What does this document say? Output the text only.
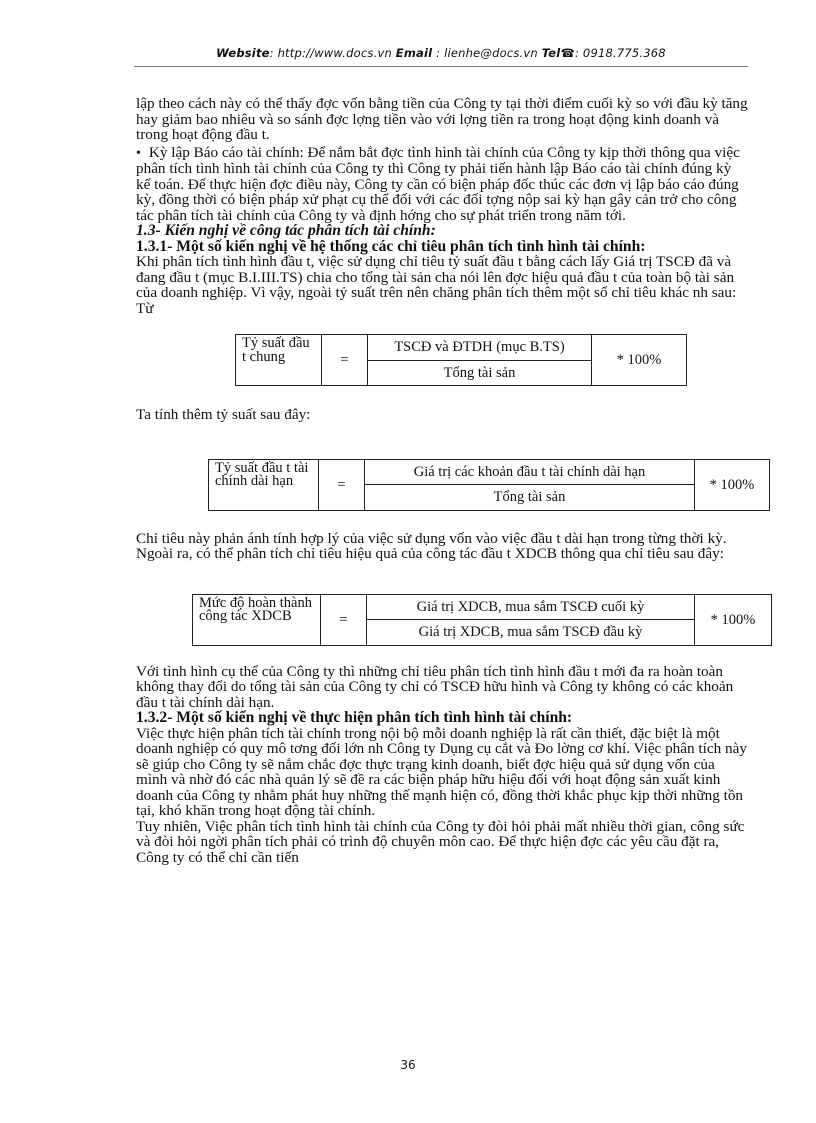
Website: http://www.docs.vn Email : lienhe@docs.vn Tel☎: 0918.775.368

lập theo cách này có thể thấy đợc vốn bằng tiền của Công ty tại thời điểm cuối kỳ so với đầu kỳ tăng hay giảm bao nhiêu và so sánh đợc lợng tiền vào với lợng tiền ra trong hoạt động kinh doanh và trong hoạt động đầu t.

• Kỳ lập Báo cáo tài chính: Để nắm bắt đợc tình hình tài chính của Công ty kịp thời thông qua việc phân tích tình hình tài chính của Công ty thì Công ty phải tiến hành lập Báo cáo tài chính đúng kỳ kế toán. Để thực hiện đợc điều này, Công ty cần có biện pháp đốc thúc các đơn vị lập báo cáo đúng kỳ, đồng thời có biện pháp xử phạt cụ thể đối với các đối tợng nộp sai kỳ hạn gây cản trở cho công tác phân tích tài chính của Công ty và định hớng cho sự phát triển trong năm tới.

1.3- Kiến nghị về công tác phân tích tài chính:
1.3.1- Một số kiến nghị về hệ thống các chỉ tiêu phân tích tình hình tài chính:

Khi phân tích tình hình đầu t, việc sử dụng chỉ tiêu tỷ suất đầu t bằng cách lấy Giá trị TSCĐ đã và đang đầu t (mục B.I.III.TS) chia cho tổng tài sản cha nói lên đợc hiệu quả đầu t của toàn bộ tài sản của doanh nghiệp. Vì vậy, ngoài tỷ suất trên nên chăng phân tích thêm một số chỉ tiêu khác nh sau: Từ

Tỷ suất đầu t chung	=	$\frac{\text{TSCĐ và ĐTDH (mục B.TS)}}{\text{Tổng tài sản}}$	* 100%

Ta tính thêm tỷ suất sau đây:

Tỷ suất đầu t tài chính dài hạn	=	$\frac{\text{Giá trị các khoản đầu t tài chính dài hạn}}{\text{Tổng tài sản}}$	* 100%

Chỉ tiêu này phản ánh tính hợp lý của việc sử dụng vốn vào việc đầu t dài hạn trong từng thời kỳ.

Ngoài ra, có thể phân tích chỉ tiêu hiệu quả của công tác đầu t XDCB thông qua chỉ tiêu sau đây:

Mức độ hoàn thành công tác XDCB	=	$\frac{\text{Giá trị XDCB, mua sắm TSCĐ cuối kỳ}}{\text{Giá trị XDCB, mua sắm TSCĐ đầu kỳ}}$	* 100%

Với tình hình cụ thể của Công ty thì những chỉ tiêu phân tích tình hình đầu t mới đa ra hoàn toàn không thay đổi do tổng tài sản của Công ty chỉ có TSCĐ hữu hình và Công ty không có các khoản đầu t tài chính dài hạn.

1.3.2- Một số kiến nghị về thực hiện phân tích tình hình tài chính:

Việc thực hiện phân tích tài chính trong nội bộ mỗi doanh nghiệp là rất cần thiết, đặc biệt là một doanh nghiệp có quy mô tơng đối lớn nh Công ty Dụng cụ cắt và Đo lờng cơ khí. Việc phân tích này sẽ giúp cho Công ty sẽ nắm chắc đợc thực trạng kinh doanh, biết đợc hiệu quả sử dụng vốn của mình và nhờ đó các nhà quản lý sẽ đề ra các biện pháp hữu hiệu đối với hoạt động sản xuất kinh doanh của Công ty nhằm phát huy những thế mạnh hiện có, đồng thời khắc phục kịp thời những tồn tại, khó khăn trong hoạt động tài chính.

Tuy nhiên, Việc phân tích tình hình tài chính của Công ty đòi hỏi phải mất nhiều thời gian, công sức và đòi hỏi ngời phân tích phải có trình độ chuyên môn cao. Để thực hiện đợc các yêu cầu đặt ra, Công ty có thể chỉ cần tiến

36
